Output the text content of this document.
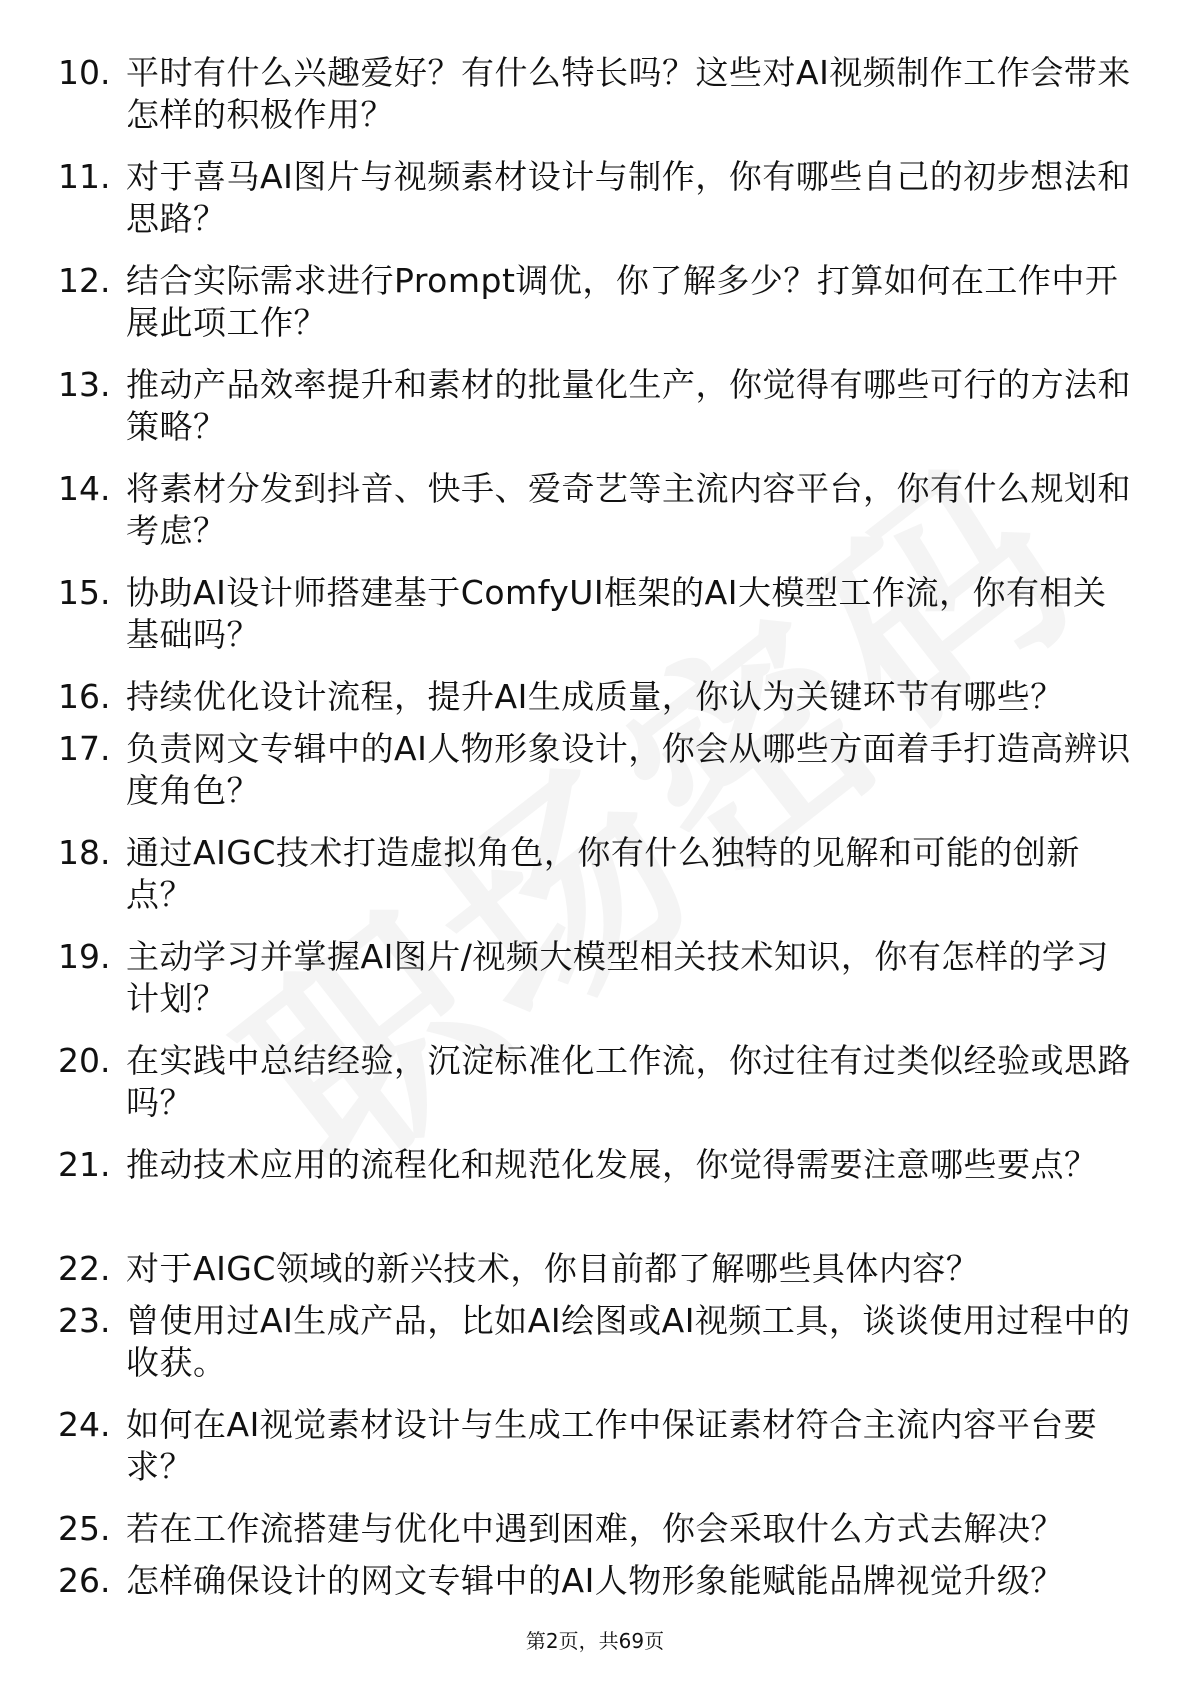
10. 平时有什么兴趣爱好？有什么特长吗？这些对AI视频制作工作会带来怎样的积极作用？
11. 对于喜马AI图片与视频素材设计与制作，你有哪些自己的初步想法和思路？
12. 结合实际需求进行Prompt调优，你了解多少？打算如何在工作中开展此项工作？
13. 推动产品效率提升和素材的批量化生产，你觉得有哪些可行的方法和策略？
14. 将素材分发到抖音、快手、爱奇艺等主流内容平台，你有什么规划和考虑？
15. 协助AI设计师搭建基于ComfyUI框架的AI大模型工作流，你有相关基础吗？
16. 持续优化设计流程，提升AI生成质量，你认为关键环节有哪些？
17. 负责网文专辑中的AI人物形象设计，你会从哪些方面着手打造高辨识度角色？
18. 通过AIGC技术打造虚拟角色，你有什么独特的见解和可能的创新点？
19. 主动学习并掌握AI图片/视频大模型相关技术知识，你有怎样的学习计划？
20. 在实践中总结经验，沉淀标准化工作流，你过往有过类似经验或思路吗？
21. 推动技术应用的流程化和规范化发展，你觉得需要注意哪些要点？
22. 对于AIGC领域的新兴技术，你目前都了解哪些具体内容？
23. 曾使用过AI生成产品，比如AI绘图或AI视频工具，谈谈使用过程中的收获。
24. 如何在AI视觉素材设计与生成工作中保证素材符合主流内容平台要求？
25. 若在工作流搭建与优化中遇到困难，你会采取什么方式去解决？
26. 怎样确保设计的网文专辑中的AI人物形象能赋能品牌视觉升级？
第2页，共69页
